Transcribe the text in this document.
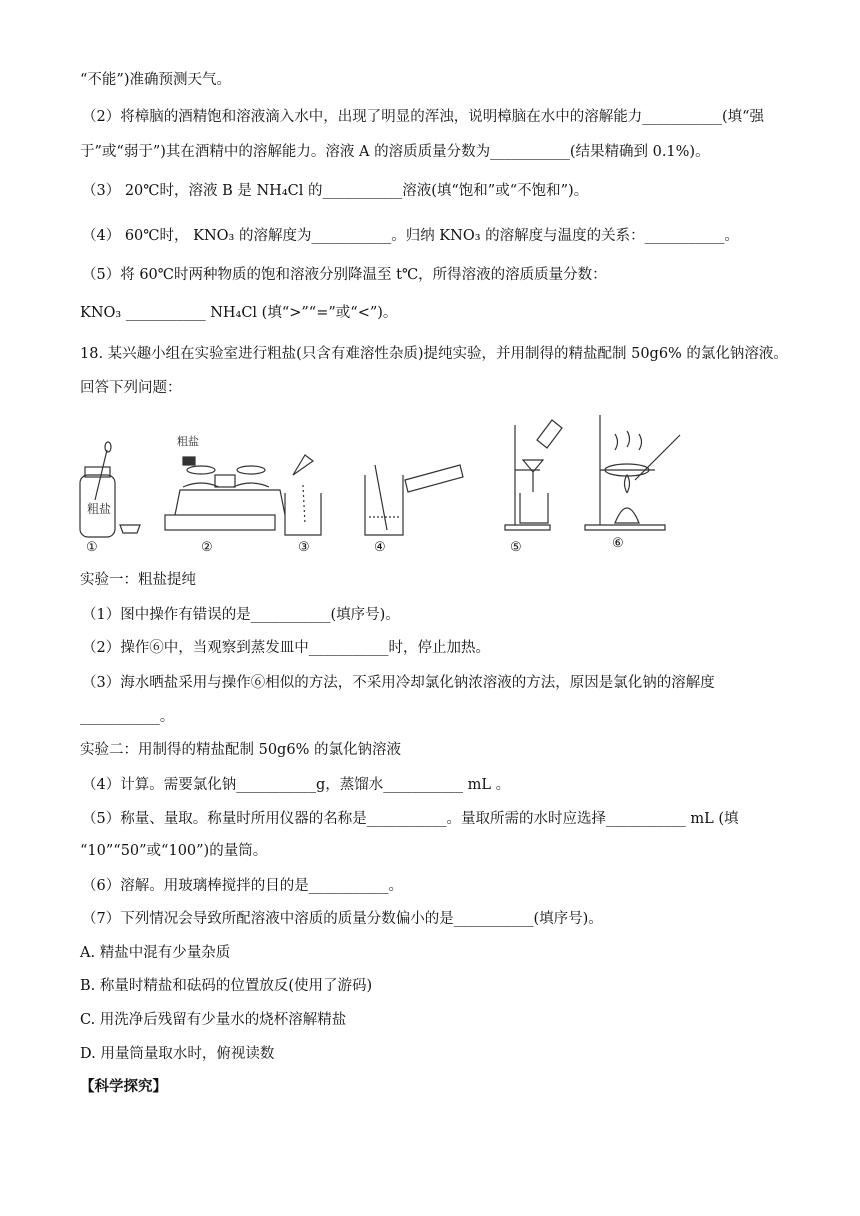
“不能”)准确预测天气。
（2）将樟脑的酒精饱和溶液滴入水中，出现了明显的浑浊，说明樟脑在水中的溶解能力___________(填“强
于”或“弱于”)其在酒精中的溶解能力。溶液 A 的溶质质量分数为___________(结果精确到 0.1%)。
（3） 20℃时，溶液 B 是 NH₄Cl 的___________溶液(填“饱和”或“不饱和”)。
（4） 60℃时， KNO₃ 的溶解度为___________。归纳 KNO₃ 的溶解度与温度的关系：___________。
（5）将 60℃时两种物质的饱和溶液分别降温至 t℃，所得溶液的溶质质量分数：
KNO₃ ___________ NH₄Cl (填“>”“=”或“<”)。
18. 某兴趣小组在实验室进行粗盐(只含有难溶性杂质)提纯实验，并用制得的精盐配制 50g6% 的氯化钠溶液。
回答下列问题：
粗盐
粗盐
①	②	③	④	⑤	⑥
实验一：粗盐提纯
（1）图中操作有错误的是___________(填序号)。
（2）操作⑥中，当观察到蒸发皿中___________时，停止加热。
（3）海水晒盐采用与操作⑥相似的方法，不采用冷却氯化钠浓溶液的方法，原因是氯化钠的溶解度
___________。
实验二：用制得的精盐配制 50g6% 的氯化钠溶液
（4）计算。需要氯化钠___________g，蒸馏水___________ mL 。
（5）称量、量取。称量时所用仪器的名称是___________。量取所需的水时应选择___________ mL (填
“10”“50”或“100”)的量筒。
（6）溶解。用玻璃棒搅拌的目的是___________。
（7）下列情况会导致所配溶液中溶质的质量分数偏小的是___________(填序号)。
A. 精盐中混有少量杂质
B. 称量时精盐和砝码的位置放反(使用了游码)
C. 用洗净后残留有少量水的烧杯溶解精盐
D. 用量筒量取水时，俯视读数
【科学探究】
